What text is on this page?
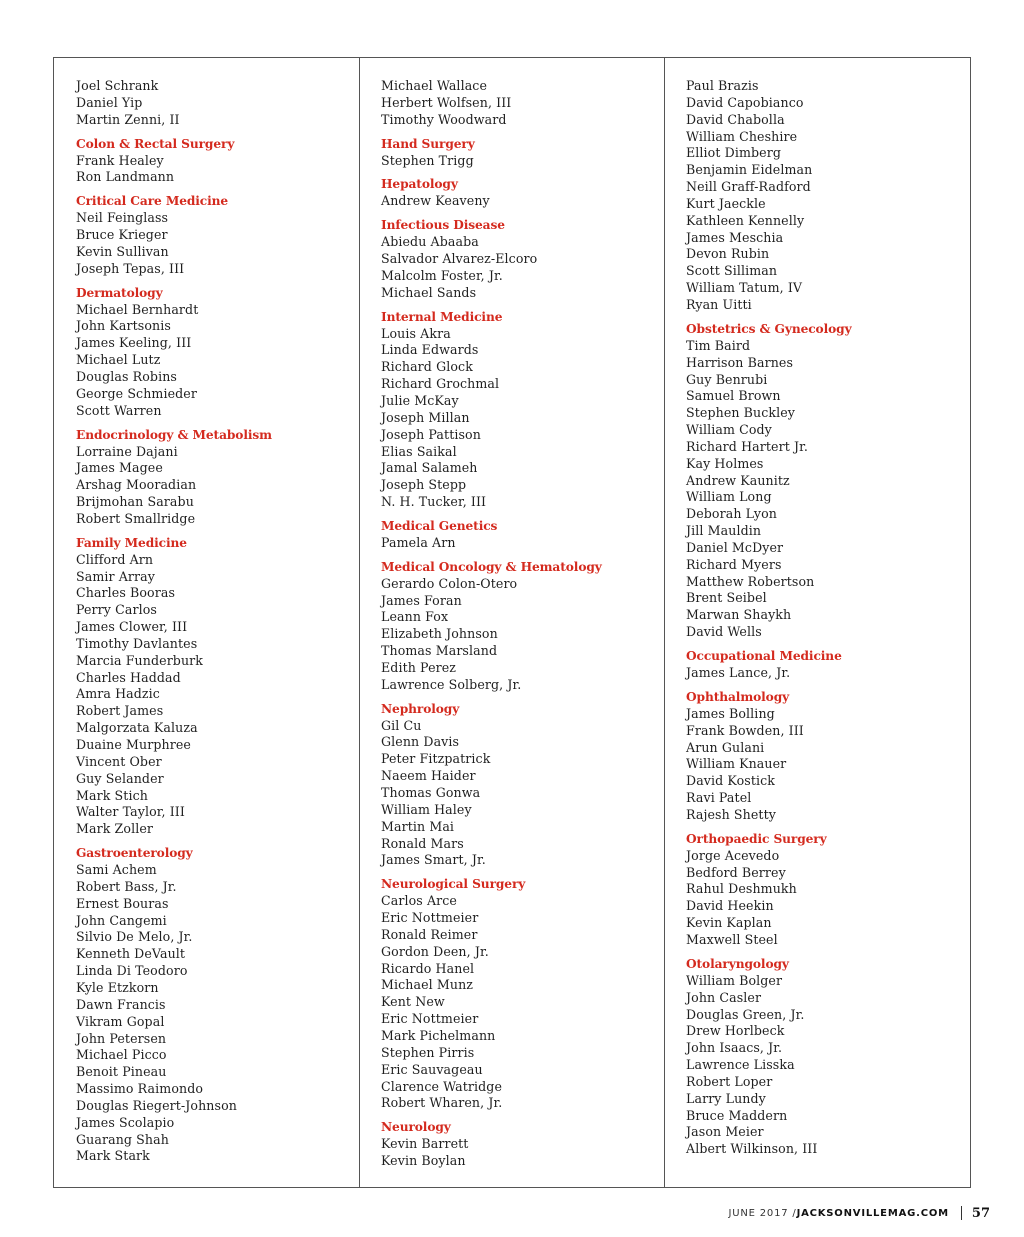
Joel Schrank
Daniel Yip
Martin Zenni, II
Colon & Rectal Surgery
Frank Healey
Ron Landmann
Critical Care Medicine
Neil Feinglass
Bruce Krieger
Kevin Sullivan
Joseph Tepas, III
Dermatology
Michael Bernhardt
John Kartsonis
James Keeling, III
Michael Lutz
Douglas Robins
George Schmieder
Scott Warren
Endocrinology & Metabolism
Lorraine Dajani
James Magee
Arshag Mooradian
Brijmohan Sarabu
Robert Smallridge
Family Medicine
Clifford Arn
Samir Array
Charles Booras
Perry Carlos
James Clower, III
Timothy Davlantes
Marcia Funderburk
Charles Haddad
Amra Hadzic
Robert James
Malgorzata Kaluza
Duaine Murphree
Vincent Ober
Guy Selander
Mark Stich
Walter Taylor, III
Mark Zoller
Gastroenterology
Sami Achem
Robert Bass, Jr.
Ernest Bouras
John Cangemi
Silvio De Melo, Jr.
Kenneth DeVault
Linda Di Teodoro
Kyle Etzkorn
Dawn Francis
Vikram Gopal
John Petersen
Michael Picco
Benoit Pineau
Massimo Raimondo
Douglas Riegert-Johnson
James Scolapio
Guarang Shah
Mark Stark
Michael Wallace
Herbert Wolfsen, III
Timothy Woodward
Hand Surgery
Stephen Trigg
Hepatology
Andrew Keaveny
Infectious Disease
Abiedu Abaaba
Salvador Alvarez-Elcoro
Malcolm Foster, Jr.
Michael Sands
Internal Medicine
Louis Akra
Linda Edwards
Richard Glock
Richard Grochmal
Julie McKay
Joseph Millan
Joseph Pattison
Elias Saikal
Jamal Salameh
Joseph Stepp
N. H. Tucker, III
Medical Genetics
Pamela Arn
Medical Oncology & Hematology
Gerardo Colon-Otero
James Foran
Leann Fox
Elizabeth Johnson
Thomas Marsland
Edith Perez
Lawrence Solberg, Jr.
Nephrology
Gil Cu
Glenn Davis
Peter Fitzpatrick
Naeem Haider
Thomas Gonwa
William Haley
Martin Mai
Ronald Mars
James Smart, Jr.
Neurological Surgery
Carlos Arce
Eric Nottmeier
Ronald Reimer
Gordon Deen, Jr.
Ricardo Hanel
Michael Munz
Kent New
Eric Nottmeier
Mark Pichelmann
Stephen Pirris
Eric Sauvageau
Clarence Watridge
Robert Wharen, Jr.
Neurology
Kevin Barrett
Kevin Boylan
Paul Brazis
David Capobianco
David Chabolla
William Cheshire
Elliot Dimberg
Benjamin Eidelman
Neill Graff-Radford
Kurt Jaeckle
Kathleen Kennelly
James Meschia
Devon Rubin
Scott Silliman
William Tatum, IV
Ryan Uitti
Obstetrics & Gynecology
Tim Baird
Harrison Barnes
Guy Benrubi
Samuel Brown
Stephen Buckley
William Cody
Richard Hartert Jr.
Kay Holmes
Andrew Kaunitz
William Long
Deborah Lyon
Jill Mauldin
Daniel McDyer
Richard Myers
Matthew Robertson
Brent Seibel
Marwan Shaykh
David Wells
Occupational Medicine
James Lance, Jr.
Ophthalmology
James Bolling
Frank Bowden, III
Arun Gulani
William Knauer
David Kostick
Ravi Patel
Rajesh Shetty
Orthopaedic Surgery
Jorge Acevedo
Bedford Berrey
Rahul Deshmukh
David Heekin
Kevin Kaplan
Maxwell Steel
Otolaryngology
William Bolger
John Casler
Douglas Green, Jr.
Drew Horlbeck
John Isaacs, Jr.
Lawrence Lisska
Robert Loper
Larry Lundy
Bruce Maddern
Jason Meier
Albert Wilkinson, III
JUNE 2017 / JACKSONVILLEMAG.COM 57
